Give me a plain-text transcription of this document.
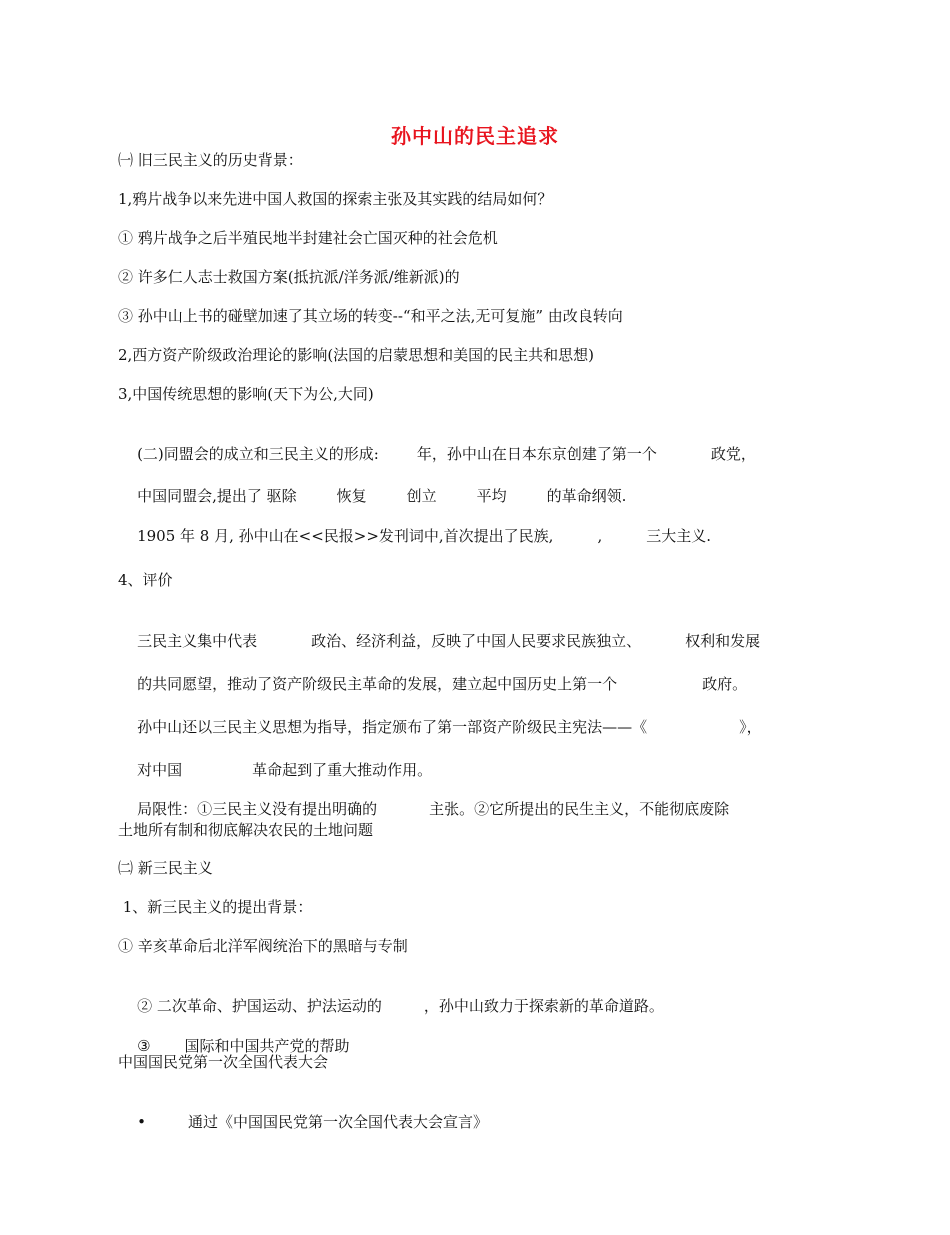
孙中山的民主追求
㈠ 旧三民主义的历史背景：
1,鸦片战争以来先进中国人救国的探索主张及其实践的结局如何？
① 鸦片战争之后半殖民地半封建社会亡国灭种的社会危机
② 许多仁人志士救国方案(抵抗派/洋务派/维新派)的
③ 孙中山上书的碰壁加速了其立场的转变--“和平之法,无可复施” 由改良转向
2,西方资产阶级政治理论的影响(法国的启蒙思想和美国的民主共和思想)
3,中国传统思想的影响(天下为公,大同)

(二)同盟会的成立和三民主义的形成:	年，孙中山在日本东京创建了第一个	政党，

中国同盟会,提出了 驱除	恢复	创立	平均	的革命纲领.

1905 年 8 月, 孙中山在<<民报>>发刊词中,首次提出了民族,	,	三大主义.

4、评价

三民主义集中代表	政治、经济利益，反映了中国人民要求民族独立、	权利和发展

的共同愿望，推动了资产阶级民主革命的发展，建立起中国历史上第一个	政府。

孙中山还以三民主义思想为指导，指定颁布了第一部资产阶级民主宪法——《	》，

对中国	革命起到了重大推动作用。

局限性：①三民主义没有提出明确的	主张。②它所提出的民生主义，不能彻底废除

土地所有制和彻底解决农民的土地问题
㈡ 新三民主义
1、新三民主义的提出背景：
① 辛亥革命后北洋军阀统治下的黑暗与专制

② 二次革命、护国运动、护法运动的	，孙中山致力于探索新的革命道路。

③ 国际和中国共产党的帮助

中国国民党第一次全国代表大会

•	通过《中国国民党第一次全国代表大会宣言》
